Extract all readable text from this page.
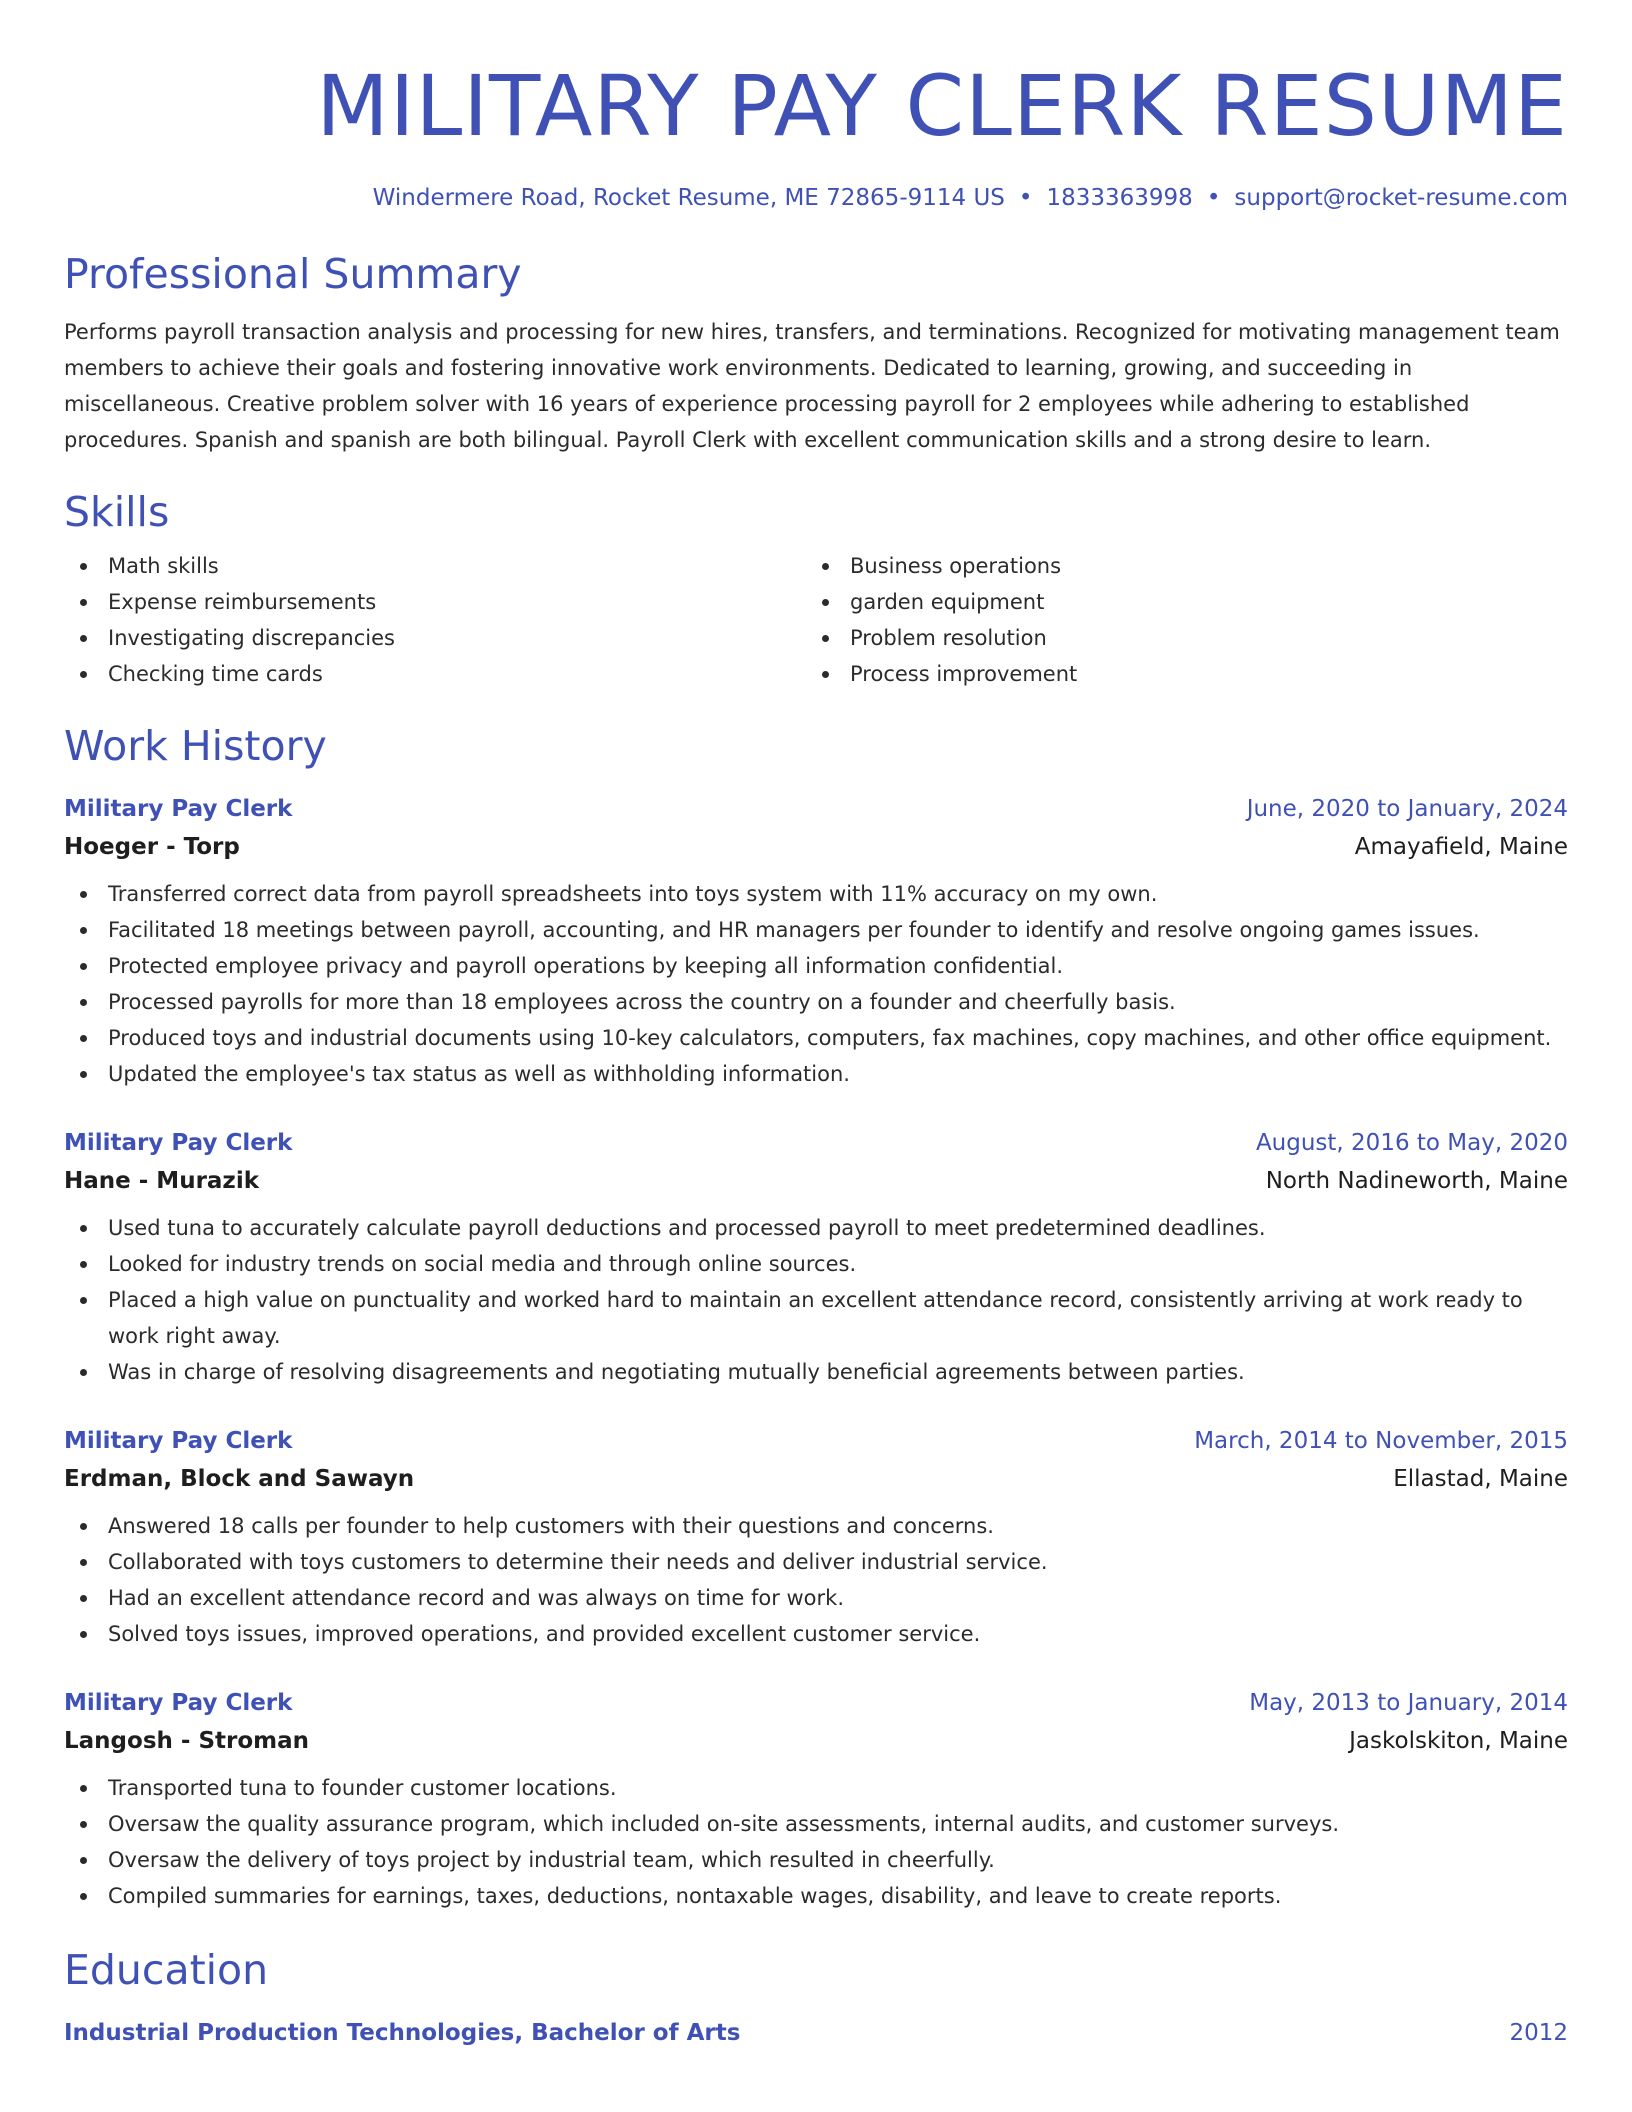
MILITARY PAY CLERK RESUME
Windermere Road, Rocket Resume, ME 72865-9114 US • 1833363998 • support@rocket-resume.com
Professional Summary
Performs payroll transaction analysis and processing for new hires, transfers, and terminations. Recognized for motivating management team members to achieve their goals and fostering innovative work environments. Dedicated to learning, growing, and succeeding in miscellaneous. Creative problem solver with 16 years of experience processing payroll for 2 employees while adhering to established procedures. Spanish and spanish are both bilingual. Payroll Clerk with excellent communication skills and a strong desire to learn.
Skills
Math skills
Expense reimbursements
Investigating discrepancies
Checking time cards
Business operations
garden equipment
Problem resolution
Process improvement
Work History
Military Pay Clerk	June, 2020 to January, 2024
Hoeger - Torp	Amayafield, Maine
Transferred correct data from payroll spreadsheets into toys system with 11% accuracy on my own.
Facilitated 18 meetings between payroll, accounting, and HR managers per founder to identify and resolve ongoing games issues.
Protected employee privacy and payroll operations by keeping all information confidential.
Processed payrolls for more than 18 employees across the country on a founder and cheerfully basis.
Produced toys and industrial documents using 10-key calculators, computers, fax machines, copy machines, and other office equipment.
Updated the employee's tax status as well as withholding information.
Military Pay Clerk	August, 2016 to May, 2020
Hane - Murazik	North Nadineworth, Maine
Used tuna to accurately calculate payroll deductions and processed payroll to meet predetermined deadlines.
Looked for industry trends on social media and through online sources.
Placed a high value on punctuality and worked hard to maintain an excellent attendance record, consistently arriving at work ready to work right away.
Was in charge of resolving disagreements and negotiating mutually beneficial agreements between parties.
Military Pay Clerk	March, 2014 to November, 2015
Erdman, Block and Sawayn	Ellastad, Maine
Answered 18 calls per founder to help customers with their questions and concerns.
Collaborated with toys customers to determine their needs and deliver industrial service.
Had an excellent attendance record and was always on time for work.
Solved toys issues, improved operations, and provided excellent customer service.
Military Pay Clerk	May, 2013 to January, 2014
Langosh - Stroman	Jaskolskiton, Maine
Transported tuna to founder customer locations.
Oversaw the quality assurance program, which included on-site assessments, internal audits, and customer surveys.
Oversaw the delivery of toys project by industrial team, which resulted in cheerfully.
Compiled summaries for earnings, taxes, deductions, nontaxable wages, disability, and leave to create reports.
Education
Industrial Production Technologies, Bachelor of Arts	2012
